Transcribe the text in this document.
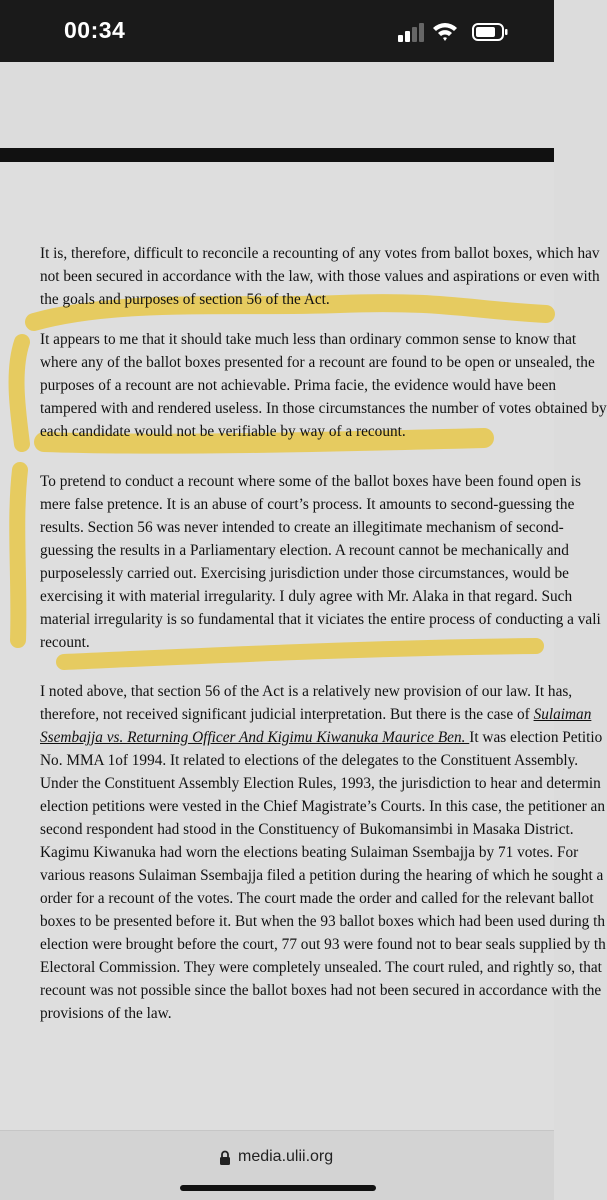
00:34
It is, therefore, difficult to reconcile a recounting of any votes from ballot boxes, which hav
not been secured in accordance with the law, with those values and aspirations or even with
the goals and purposes of section 56 of the Act.
It appears to me that it should take much less than ordinary common sense to know that
where any of the ballot boxes presented for a recount are found to be open or unsealed, the
purposes of a recount are not achievable. Prima facie, the evidence would have been
tampered with and rendered useless. In those circumstances the number of votes obtained by
each candidate would not be verifiable by way of a recount.
To pretend to conduct a recount where some of the ballot boxes have been found open is
mere false pretence. It is an abuse of court’s process. It amounts to second-guessing the
results. Section 56 was never intended to create an illegitimate mechanism of second-
guessing the results in a Parliamentary election. A recount cannot be mechanically and
purposelessly carried out. Exercising jurisdiction under those circumstances, would be
exercising it with material irregularity. I duly agree with Mr. Alaka in that regard. Such
material irregularity is so fundamental that it viciates the entire process of conducting a vali
recount.
I noted above, that section 56 of the Act is a relatively new provision of our law. It has,
therefore, not received significant judicial interpretation. But there is the case of Sulaiman
Ssembajja vs. Returning Officer And Kigimu Kiwanuka Maurice Ben. It was election Petitio
No. MMA 1of 1994. It related to elections of the delegates to the Constituent Assembly.
Under the Constituent Assembly Election Rules, 1993, the jurisdiction to hear and determin
election petitions were vested in the Chief Magistrate’s Courts. In this case, the petitioner an
second respondent had stood in the Constituency of Bukomansimbi in Masaka District.
Kagimu Kiwanuka had worn the elections beating Sulaiman Ssembajja by 71 votes. For
various reasons Sulaiman Ssembajja filed a petition during the hearing of which he sought a
order for a recount of the votes. The court made the order and called for the relevant ballot
boxes to be presented before it. But when the 93 ballot boxes which had been used during th
election were brought before the court, 77 out 93 were found not to bear seals supplied by th
Electoral Commission. They were completely unsealed. The court ruled, and rightly so, that
recount was not possible since the ballot boxes had not been secured in accordance with the
provisions of the law.
media.ulii.org
